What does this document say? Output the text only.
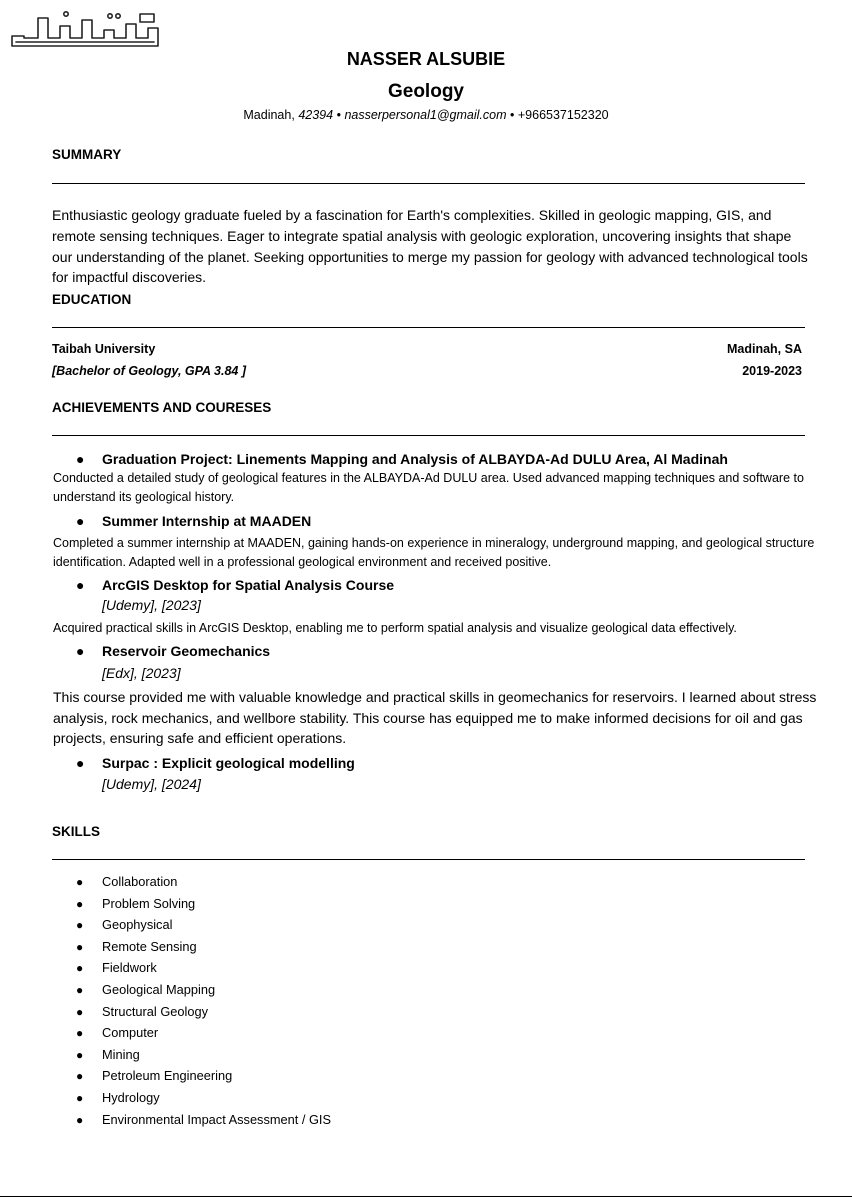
NASSER ALSUBIE
Geology
Madinah, 42394 • nasserpersonal1@gmail.com • +966537152320
SUMMARY
Enthusiastic geology graduate fueled by a fascination for Earth's complexities. Skilled in geologic mapping, GIS, and remote sensing techniques. Eager to integrate spatial analysis with geologic exploration, uncovering insights that shape our understanding of the planet. Seeking opportunities to merge my passion for geology with advanced technological tools for impactful discoveries.
EDUCATION
Taibah University	Madinah, SA
[Bachelor of Geology, GPA 3.84 ]	2019-2023
ACHIEVEMENTS AND COURESES
● Graduation Project: Linements Mapping and Analysis of ALBAYDA-Ad DULU Area, Al Madinah
Conducted a detailed study of geological features in the ALBAYDA-Ad DULU area. Used advanced mapping techniques and software to understand its geological history.
● Summer Internship at MAADEN
Completed a summer internship at MAADEN, gaining hands-on experience in mineralogy, underground mapping, and geological structure identification. Adapted well in a professional geological environment and received positive.
● ArcGIS Desktop for Spatial Analysis Course
[Udemy], [2023]
Acquired practical skills in ArcGIS Desktop, enabling me to perform spatial analysis and visualize geological data effectively.
● Reservoir Geomechanics
[Edx], [2023]
This course provided me with valuable knowledge and practical skills in geomechanics for reservoirs. I learned about stress analysis, rock mechanics, and wellbore stability. This course has equipped me to make informed decisions for oil and gas projects, ensuring safe and efficient operations.
● Surpac : Explicit geological modelling
[Udemy], [2024]
SKILLS
● Collaboration
● Problem Solving
● Geophysical
● Remote Sensing
● Fieldwork
● Geological Mapping
● Structural Geology
● Computer
● Mining
● Petroleum Engineering
● Hydrology
● Environmental Impact Assessment / GIS
